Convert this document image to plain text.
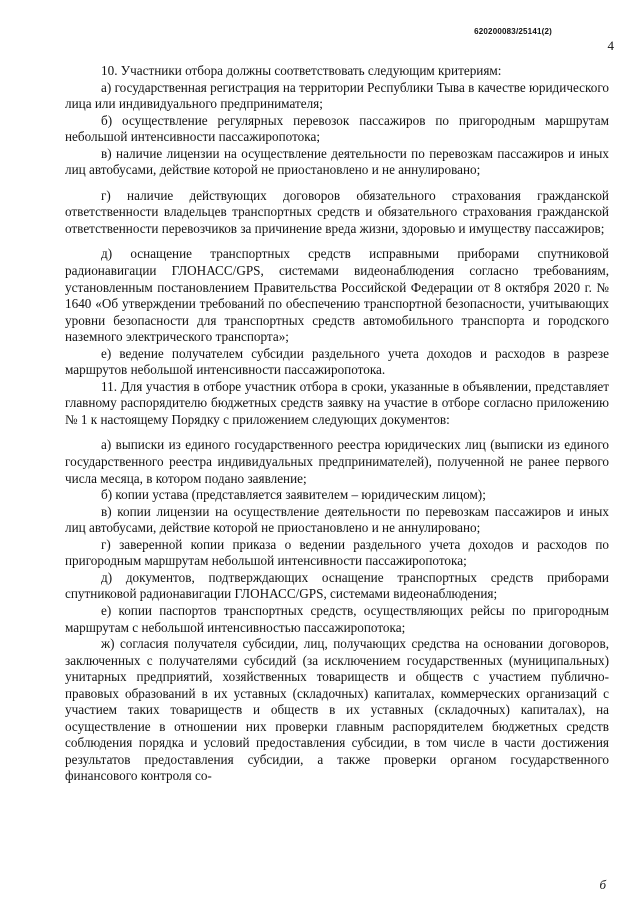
620200083/25141(2)
4

10. Участники отбора должны соответствовать следующим критериям:

а) государственная регистрация на территории Республики Тыва в качестве юридического лица или индивидуального предпринимателя;

б) осуществление регулярных перевозок пассажиров по пригородным маршрутам небольшой интенсивности пассажиропотока;

в) наличие лицензии на осуществление деятельности по перевозкам пассажиров и иных лиц автобусами, действие которой не приостановлено и не аннулировано;

г) наличие действующих договоров обязательного страхования гражданской ответственности владельцев транспортных средств и обязательного страхования гражданской ответственности перевозчиков за причинение вреда жизни, здоровью и имуществу пассажиров;

д) оснащение транспортных средств исправными приборами спутниковой радионавигации ГЛОНАСС/GPS, системами видеонаблюдения согласно требованиям, установленным постановлением Правительства Российской Федерации от 8 октября 2020 г. № 1640 «Об утверждении требований по обеспечению транспортной безопасности, учитывающих уровни безопасности для транспортных средств автомобильного транспорта и городского наземного электрического транспорта»;

е) ведение получателем субсидии раздельного учета доходов и расходов в разрезе маршрутов небольшой интенсивности пассажиропотока.

11. Для участия в отборе участник отбора в сроки, указанные в объявлении, представляет главному распорядителю бюджетных средств заявку на участие в отборе согласно приложению № 1 к настоящему Порядку с приложением следующих документов:

а) выписки из единого государственного реестра юридических лиц (выписки из единого государственного реестра индивидуальных предпринимателей), полученной не ранее первого числа месяца, в котором подано заявление;

б) копии устава (представляется заявителем – юридическим лицом);

в) копии лицензии на осуществление деятельности по перевозкам пассажиров и иных лиц автобусами, действие которой не приостановлено и не аннулировано;

г) заверенной копии приказа о ведении раздельного учета доходов и расходов по пригородным маршрутам небольшой интенсивности пассажиропотока;

д) документов, подтверждающих оснащение транспортных средств приборами спутниковой радионавигации ГЛОНАСС/GPS, системами видеонаблюдения;

е) копии паспортов транспортных средств, осуществляющих рейсы по пригородным маршрутам с небольшой интенсивностью пассажиропотока;

ж) согласия получателя субсидии, лиц, получающих средства на основании договоров, заключенных с получателями субсидий (за исключением государственных (муниципальных) унитарных предприятий, хозяйственных товариществ и обществ с участием публично-правовых образований в их уставных (складочных) капиталах, коммерческих организаций с участием таких товариществ и обществ в их уставных (складочных) капиталах), на осуществление в отношении них проверки главным распорядителем бюджетных средств соблюдения порядка и условий предоставления субсидии, в том числе в части достижения результатов предоставления субсидии, а также проверки органом государственного финансового контроля со-

б
